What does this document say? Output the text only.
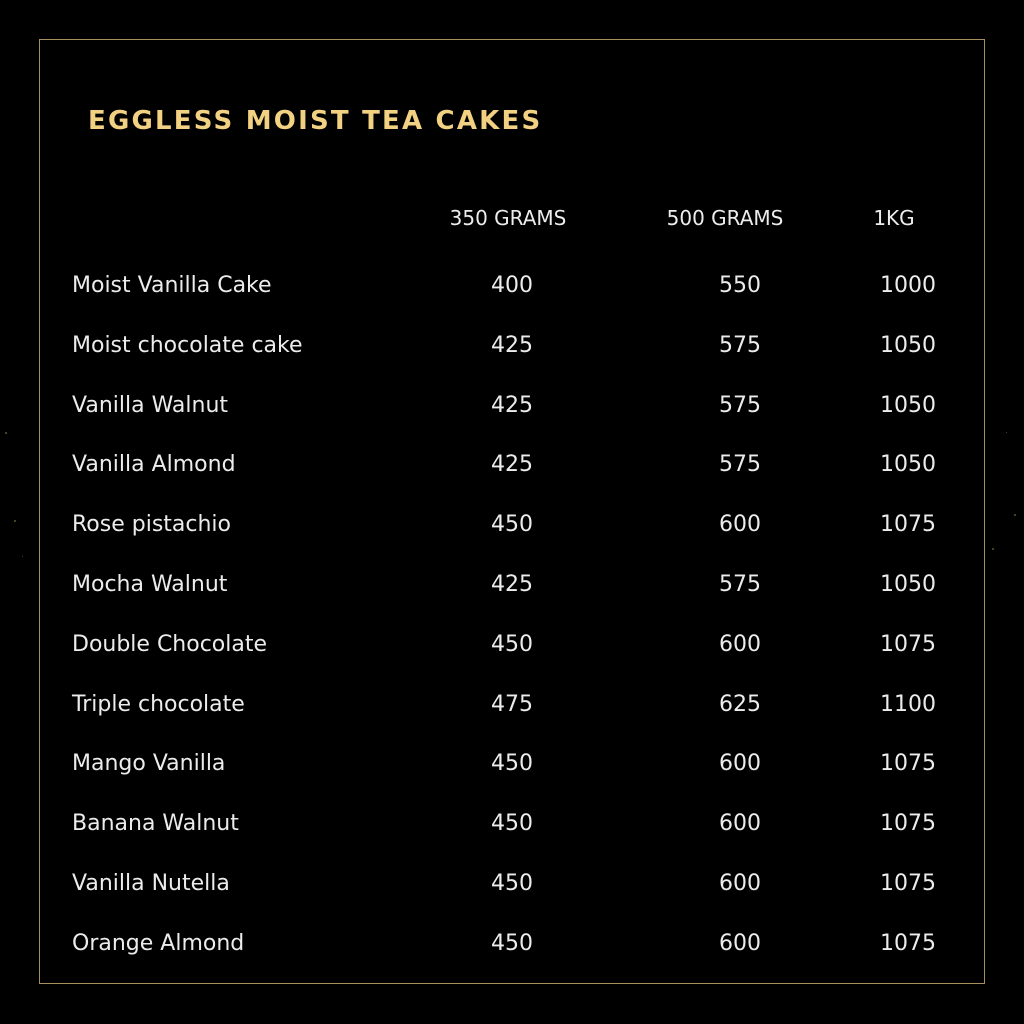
EGGLESS MOIST TEA CAKES
350 GRAMS	500 GRAMS	1KG
Moist Vanilla Cake	400	550	1000
Moist chocolate cake	425	575	1050
Vanilla Walnut	425	575	1050
Vanilla Almond	425	575	1050
Rose pistachio	450	600	1075
Mocha Walnut	425	575	1050
Double Chocolate	450	600	1075
Triple chocolate	475	625	1100
Mango Vanilla	450	600	1075
Banana Walnut	450	600	1075
Vanilla Nutella	450	600	1075
Orange Almond	450	600	1075
